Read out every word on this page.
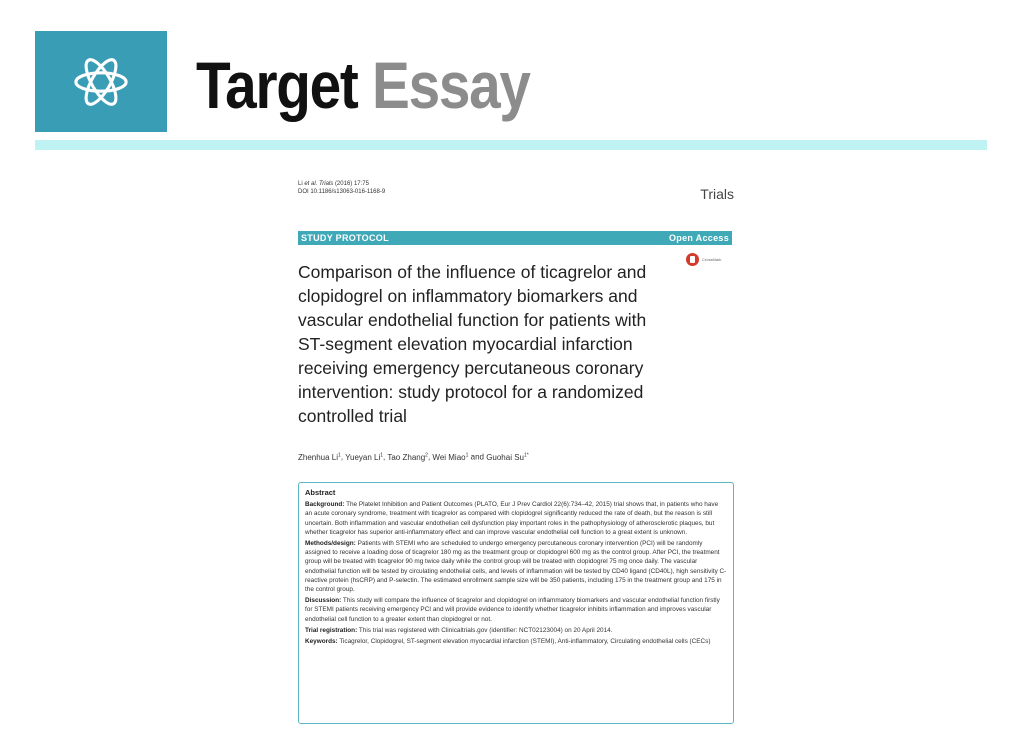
Target Essay
Li et al. Trials (2016) 17:75
DOI 10.1186/s13063-016-1168-9	Trials
STUDY PROTOCOL	Open Access
CrossMark
Comparison of the influence of ticagrelor and clopidogrel on inflammatory biomarkers and vascular endothelial function for patients with ST-segment elevation myocardial infarction receiving emergency percutaneous coronary intervention: study protocol for a randomized controlled trial
Zhenhua Li$^1$, Yueyan Li$^1$, Tao Zhang$^2$, Wei Miao$^1$ and Guohai $Su^{1*}$
Abstract

Background: The Platelet Inhibition and Patient Outcomes (PLATO, Eur J Prev Cardiol 22(6):734–42, 2015) trial shows that, in patients who have an acute coronary syndrome, treatment with ticagrelor as compared with clopidogrel significantly reduced the rate of death, but the reason is still uncertain. Both inflammation and vascular endothelian cell dysfunction play important roles in the pathophysiology of atherosclerotic plaques, but whether ticagrelor has superior anti-inflammatory effect and can improve vascular endothelial cell function to a great extent is unknown.

Methods/design: Patients with STEMI who are scheduled to undergo emergency percutaneous coronary intervention (PCI) will be randomly assigned to receive a loading dose of ticagrelor 180 mg as the treatment group or clopidogrel 600 mg as the control group. After PCI, the treatment group will be treated with ticagrelor 90 mg twice daily while the control group will be treated with clopidogrel 75 mg once daily. The vascular endothelial function will be tested by circulating endothelial cells, and levels of inflammation will be tested by CD40 ligand (CD40L), high sensitivity C-reactive protein (hsCRP) and P-selectin. The estimated enrollment sample size will be 350 patients, including 175 in the treatment group and 175 in the control group.

Discussion: This study will compare the influence of ticagrelor and clopidogrel on inflammatory biomarkers and vascular endothelial function firstly for STEMI patients receiving emergency PCI and will provide evidence to identify whether ticagrelor inhibits inflammation and improves vascular endothelial cell function to a greater extent than clopidogrel or not.

Trial registration: This trial was registered with Clinicaltrials.gov (identifier: NCT02123004) on 20 April 2014.

Keywords: Ticagrelor, Clopidogrel, ST-segment elevation myocardial infarction (STEMI), Anti-inflammatory, Circulating endothelial cells (CECs)
